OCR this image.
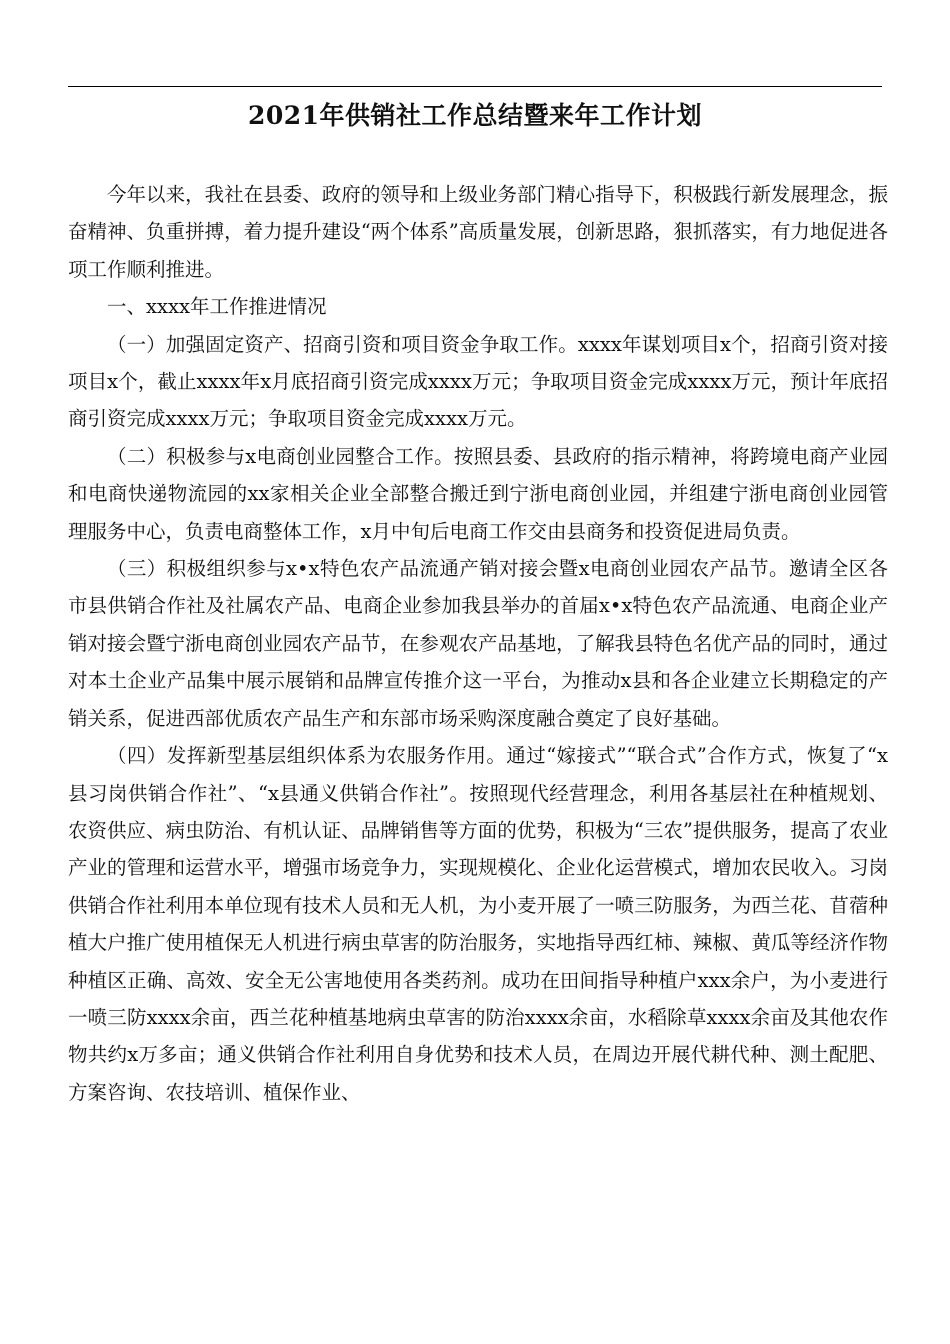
2021年供销社工作总结暨来年工作计划

今年以来，我社在县委、政府的领导和上级业务部门精心指导下，积极践行新发展理念，振奋精神、负重拼搏，着力提升建设“两个体系”高质量发展，创新思路，狠抓落实，有力地促进各项工作顺利推进。

一、xxxx年工作推进情况

（一）加强固定资产、招商引资和项目资金争取工作。xxxx年谋划项目x个，招商引资对接项目x个，截止xxxx年x月底招商引资完成xxxx万元；争取项目资金完成xxxx万元，预计年底招商引资完成xxxx万元；争取项目资金完成xxxx万元。

（二）积极参与x电商创业园整合工作。按照县委、县政府的指示精神，将跨境电商产业园和电商快递物流园的xx家相关企业全部整合搬迁到宁浙电商创业园，并组建宁浙电商创业园管理服务中心，负责电商整体工作，x月中旬后电商工作交由县商务和投资促进局负责。

（三）积极组织参与x•x特色农产品流通产销对接会暨x电商创业园农产品节。邀请全区各市县供销合作社及社属农产品、电商企业参加我县举办的首届x•x特色农产品流通、电商企业产销对接会暨宁浙电商创业园农产品节，在参观农产品基地，了解我县特色名优产品的同时，通过对本土企业产品集中展示展销和品牌宣传推介这一平台，为推动x县和各企业建立长期稳定的产销关系，促进西部优质农产品生产和东部市场采购深度融合奠定了良好基础。

（四）发挥新型基层组织体系为农服务作用。通过“嫁接式”“联合式”合作方式，恢复了“x县习岗供销合作社”、“x县通义供销合作社”。按照现代经营理念，利用各基层社在种植规划、农资供应、病虫防治、有机认证、品牌销售等方面的优势，积极为“三农”提供服务，提高了农业产业的管理和运营水平，增强市场竞争力，实现规模化、企业化运营模式，增加农民收入。习岗供销合作社利用本单位现有技术人员和无人机，为小麦开展了一喷三防服务，为西兰花、苜蓿种植大户推广使用植保无人机进行病虫草害的防治服务，实地指导西红柿、辣椒、黄瓜等经济作物种植区正确、高效、安全无公害地使用各类药剂。成功在田间指导种植户xxx余户，为小麦进行一喷三防xxxx余亩，西兰花种植基地病虫草害的防治xxxx余亩，水稻除草xxxx余亩及其他农作物共约x万多亩；通义供销合作社利用自身优势和技术人员，在周边开展代耕代种、测土配肥、方案咨询、农技培训、植保作业、
